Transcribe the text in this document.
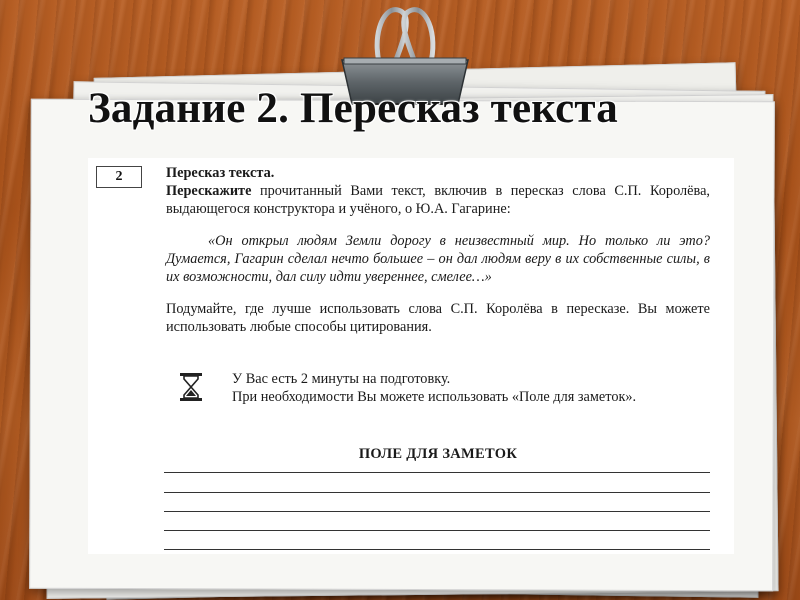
Задание 2. Пересказ текста
2	Пересказ текста.

Перескажите прочитанный Вами текст, включив в пересказ слова С.П. Королёва, выдающегося конструктора и учёного, о Ю.А. Гагарине:

«Он открыл людям Земли дорогу в неизвестный мир. Но только ли это? Думается, Гагарин сделал нечто большее – он дал людям веру в их собственные силы, в их возможности, дал силу идти увереннее, смелее…»

Подумайте, где лучше использовать слова С.П. Королёва в пересказе. Вы можете использовать любые способы цитирования.

У Вас есть 2 минуты на подготовку.
При необходимости Вы можете использовать «Поле для заметок».

ПОЛЕ ДЛЯ ЗАМЕТОК
